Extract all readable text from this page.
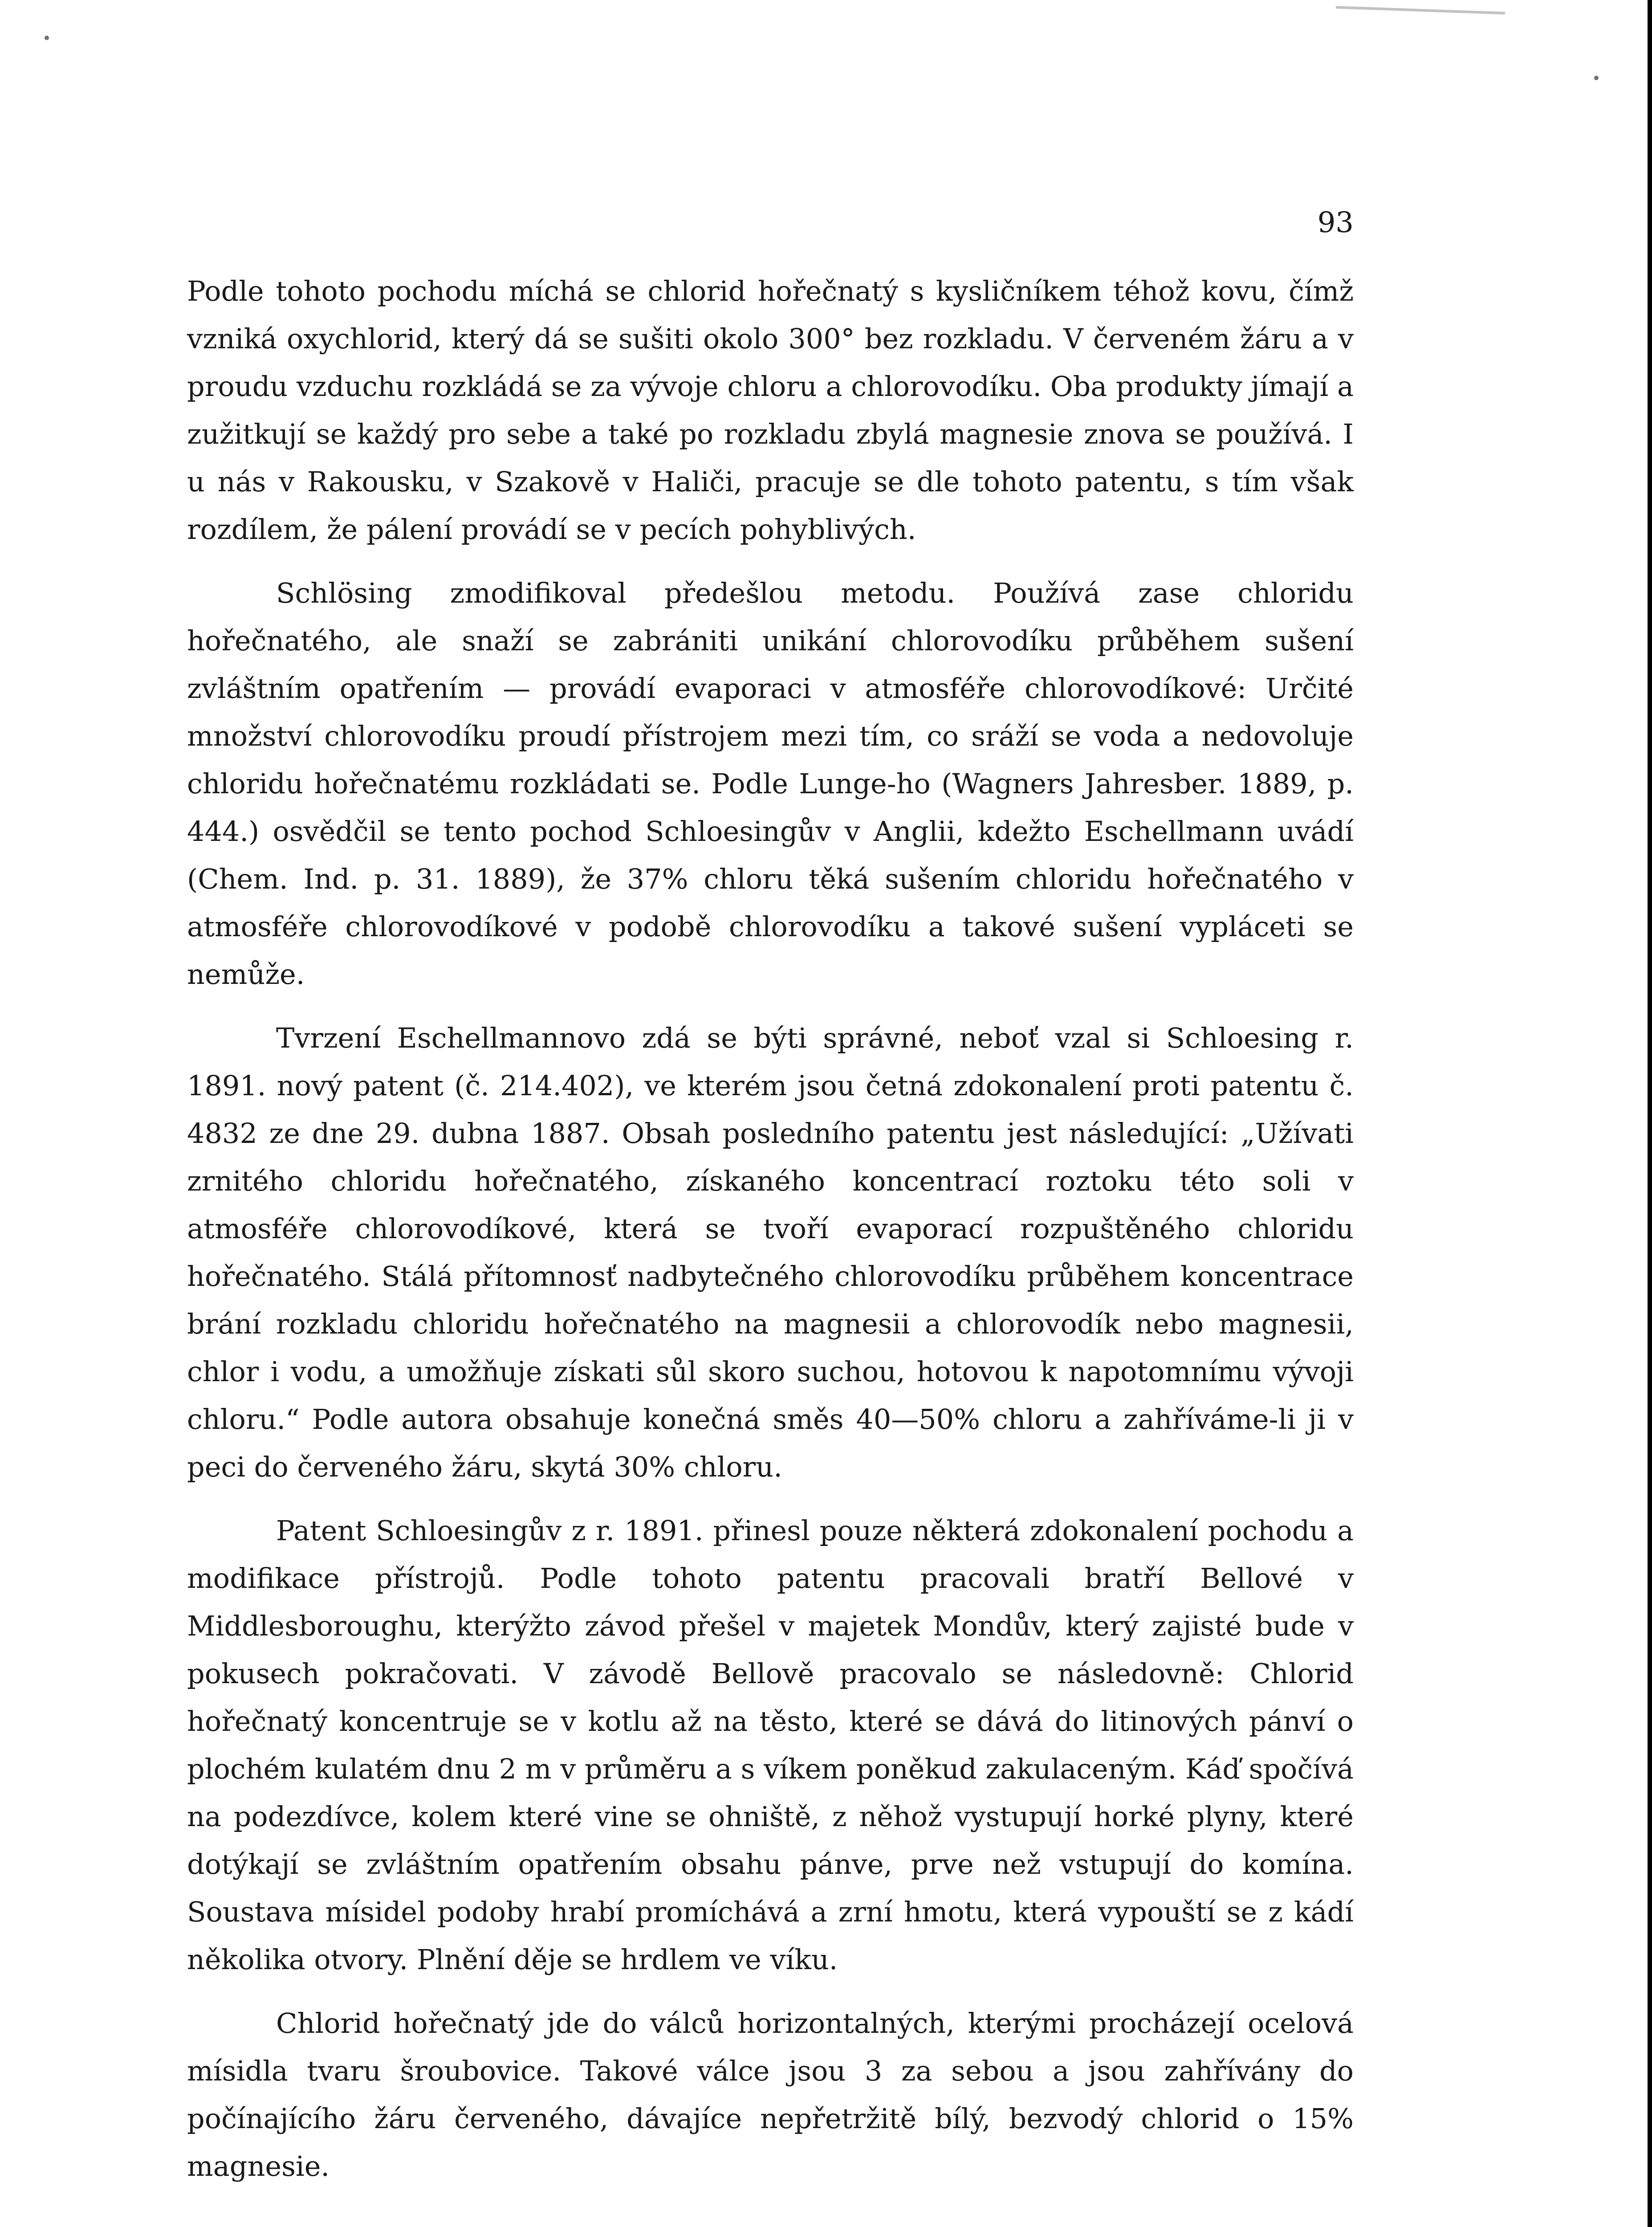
93

Podle tohoto pochodu míchá se chlorid hořečnatý s kysličníkem téhož kovu, čímž vzniká oxychlorid, který dá se sušiti okolo 300° bez rozkladu. V červeném žáru a v proudu vzduchu rozkládá se za vývoje chloru a chlorovodíku. Oba produkty jímají a zužitkují se každý pro sebe a také po rozkladu zbylá magnesie znova se používá. I u nás v Rakousku, v Szakově v Haliči, pracuje se dle tohoto patentu, s tím však rozdílem, že pálení provádí se v pecích pohyblivých.

Schlösing zmodifikoval předešlou metodu. Používá zase chloridu hořečnatého, ale snaží se zabrániti unikání chlorovodíku průběhem sušení zvláštním opatřením — provádí evaporaci v atmosféře chlorovodíkové: Určité množství chlorovodíku proudí přístrojem mezi tím, co sráží se voda a nedovoluje chloridu hořečnatému rozkládati se. Podle Lunge-ho (Wagners Jahresber. 1889, p. 444.) osvědčil se tento pochod Schloesingův v Anglii, kdežto Eschellmann uvádí (Chem. Ind. p. 31. 1889), že 37% chloru těká sušením chloridu hořečnatého v atmosféře chlorovodíkové v podobě chlorovodíku a takové sušení vypláceti se nemůže.

Tvrzení Eschellmannovo zdá se býti správné, neboť vzal si Schloesing r. 1891. nový patent (č. 214.402), ve kterém jsou četná zdokonalení proti patentu č. 4832 ze dne 29. dubna 1887. Obsah posledního patentu jest následující: „Užívati zrnitého chloridu hořečnatého, získaného koncentrací roztoku této soli v atmosféře chlorovodíkové, která se tvoří evaporací rozpuštěného chloridu hořečnatého. Stálá přítomnosť nadbytečného chlorovodíku průběhem koncentrace brání rozkladu chloridu hořečnatého na magnesii a chlorovodík nebo magnesii, chlor i vodu, a umožňuje získati sůl skoro suchou, hotovou k napotomnímu vývoji chloru.“ Podle autora obsahuje konečná směs 40—50% chloru a zahříváme-li ji v peci do červeného žáru, skytá 30% chloru.

Patent Schloesingův z r. 1891. přinesl pouze některá zdokonalení pochodu a modifikace přístrojů. Podle tohoto patentu pracovali bratří Bellové v Middlesboroughu, kterýžto závod přešel v majetek Mondův, který zajisté bude v pokusech pokračovati. V závodě Bellově pracovalo se následovně: Chlorid hořečnatý koncentruje se v kotlu až na těsto, které se dává do litinových pánví o plochém kulatém dnu 2 m v průměru a s víkem poněkud zakulaceným. Káď spočívá na podezdívce, kolem které vine se ohniště, z něhož vystupují horké plyny, které dotýkají se zvláštním opatřením obsahu pánve, prve než vstupují do komína. Soustava mísidel podoby hrabí promíchává a zrní hmotu, která vypouští se z kádí několika otvory. Plnění děje se hrdlem ve víku.

Chlorid hořečnatý jde do válců horizontalných, kterými procházejí ocelová mísidla tvaru šroubovice. Takové válce jsou 3 za sebou a jsou zahřívány do počínajícího žáru červeného, dávajíce nepřetržitě bílý, bezvodý chlorid o 15% magnesie.
